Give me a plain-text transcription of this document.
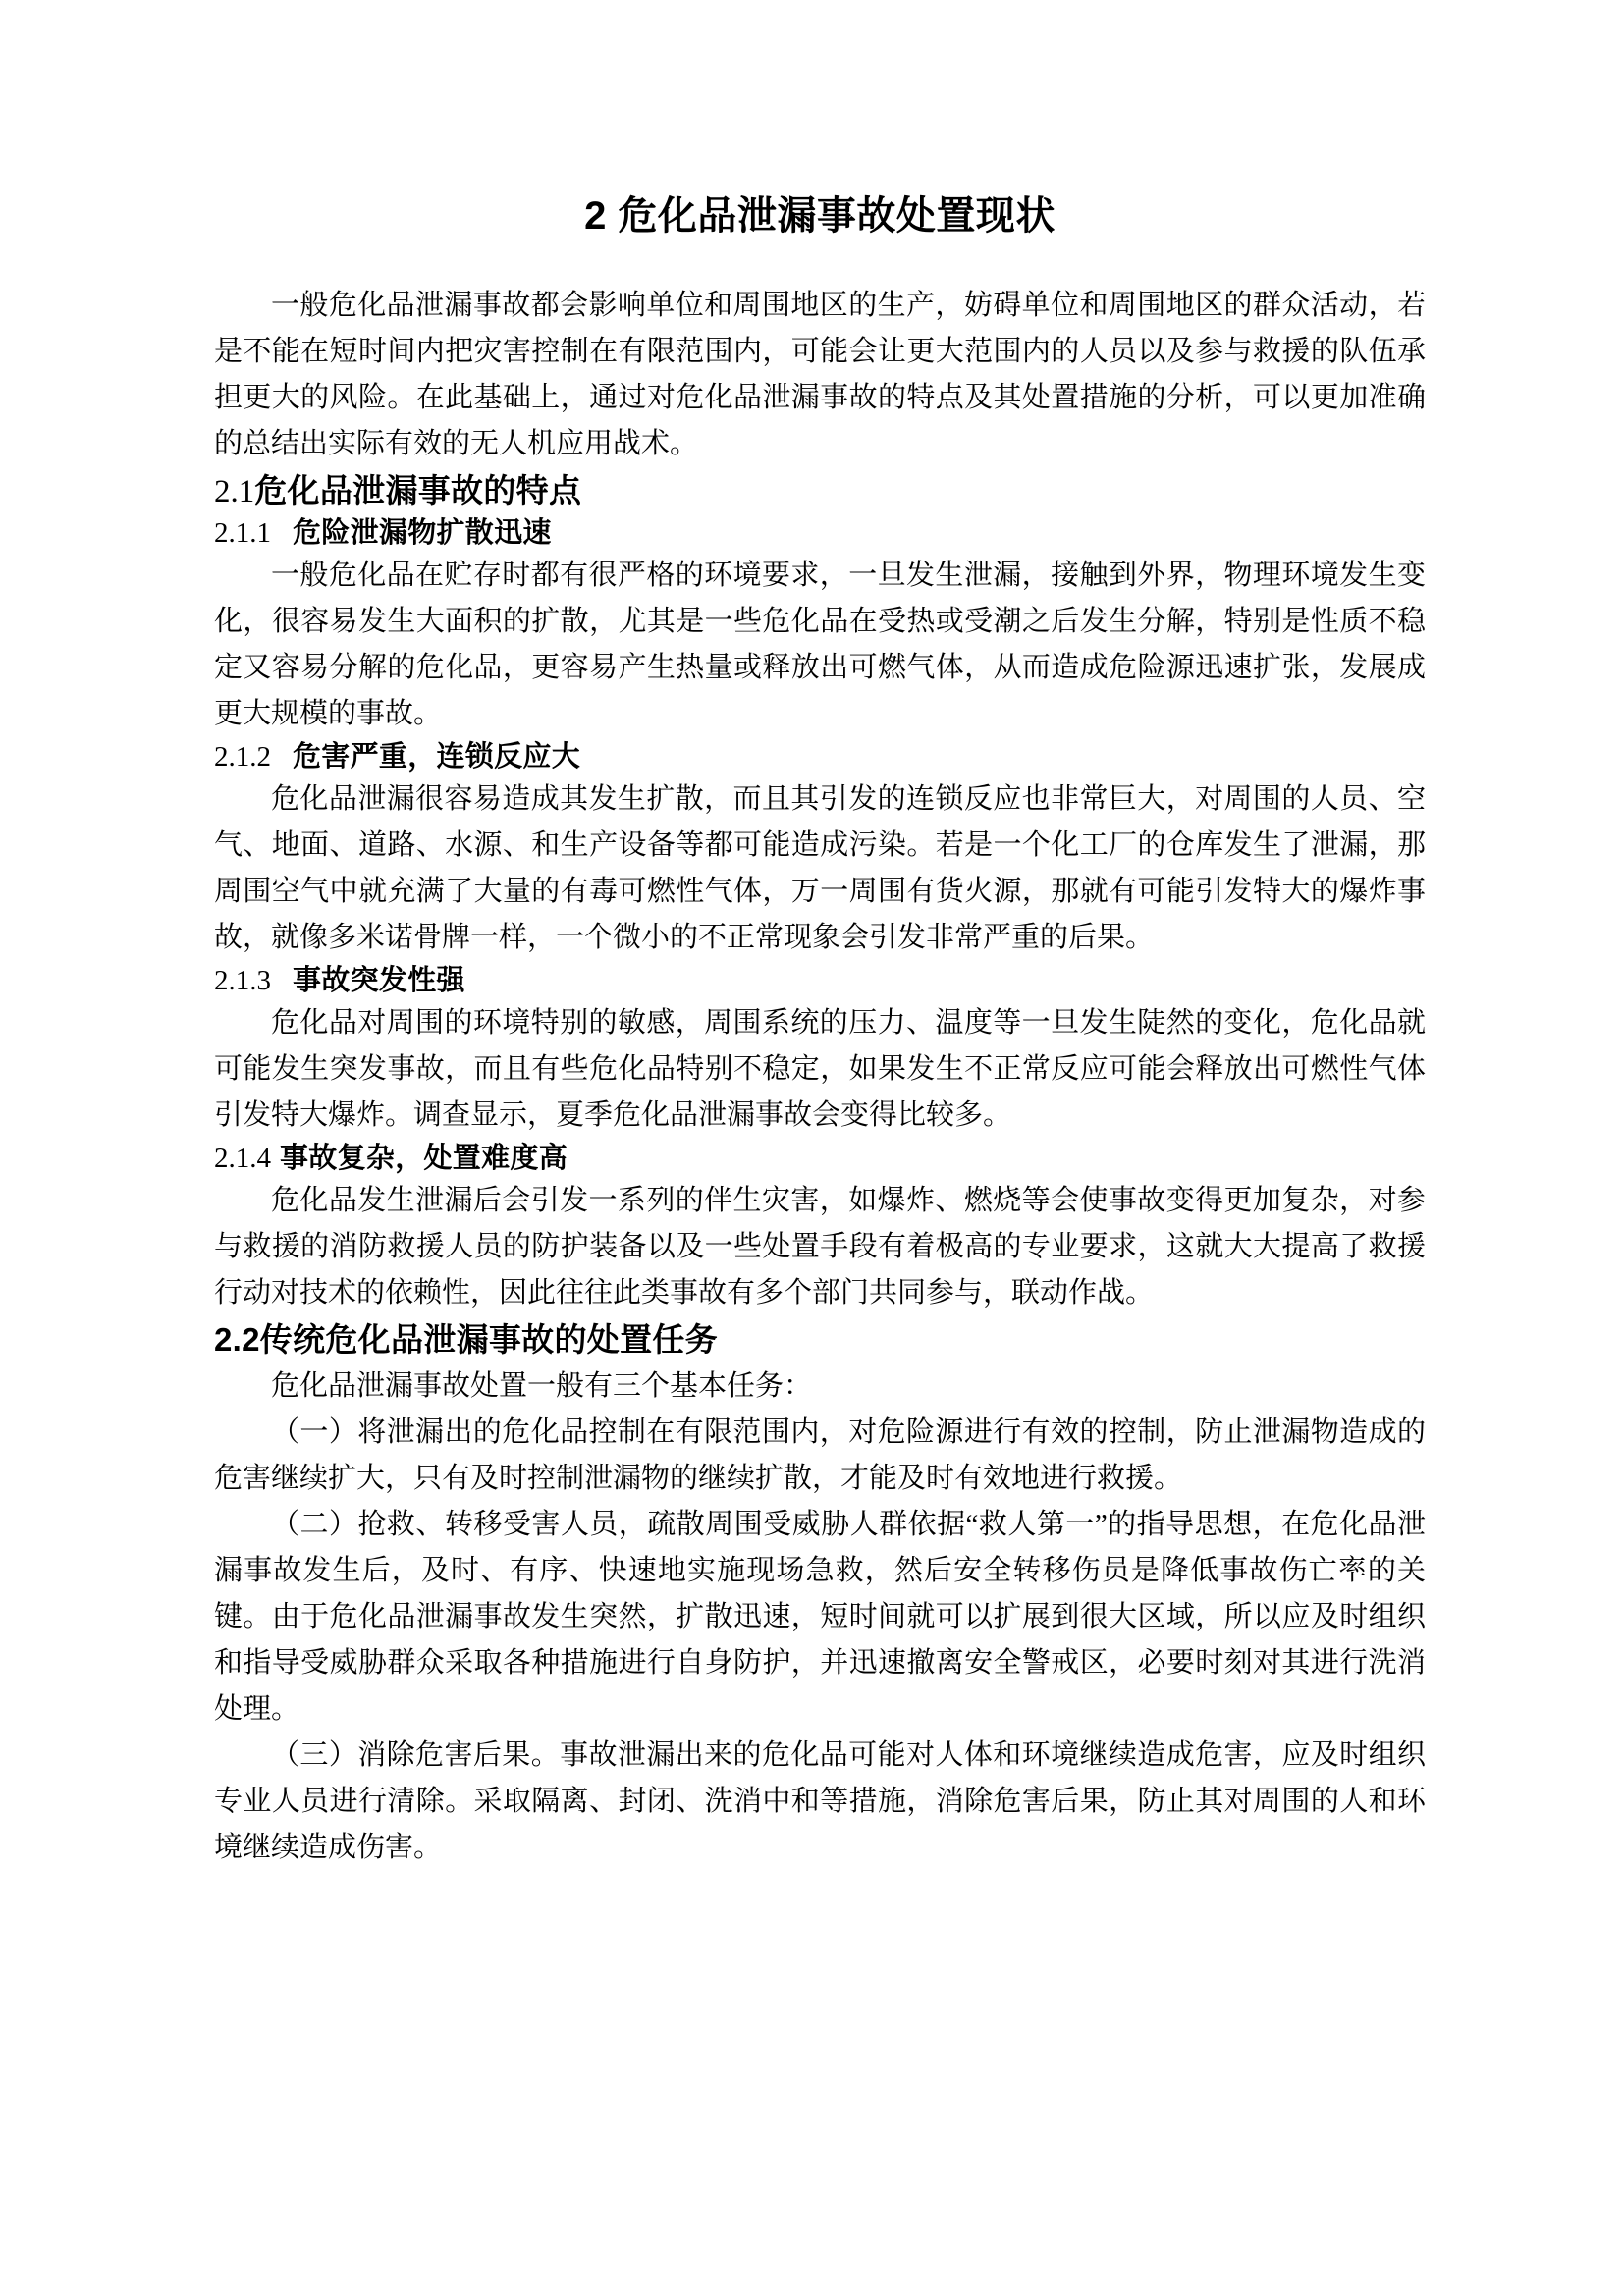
2 危化品泄漏事故处置现状

一般危化品泄漏事故都会影响单位和周围地区的生产，妨碍单位和周围地区的群众活动，若是不能在短时间内把灾害控制在有限范围内，可能会让更大范围内的人员以及参与救援的队伍承担更大的风险。在此基础上，通过对危化品泄漏事故的特点及其处置措施的分析，可以更加准确的总结出实际有效的无人机应用战术。

2.1危化品泄漏事故的特点
2.1.1 危险泄漏物扩散迅速

一般危化品在贮存时都有很严格的环境要求，一旦发生泄漏，接触到外界，物理环境发生变化，很容易发生大面积的扩散，尤其是一些危化品在受热或受潮之后发生分解，特别是性质不稳定又容易分解的危化品，更容易产生热量或释放出可燃气体，从而造成危险源迅速扩张，发展成更大规模的事故。

2.1.2 危害严重，连锁反应大

危化品泄漏很容易造成其发生扩散，而且其引发的连锁反应也非常巨大，对周围的人员、空气、地面、道路、水源、和生产设备等都可能造成污染。若是一个化工厂的仓库发生了泄漏，那周围空气中就充满了大量的有毒可燃性气体，万一周围有货火源，那就有可能引发特大的爆炸事故，就像多米诺骨牌一样，一个微小的不正常现象会引发非常严重的后果。

2.1.3 事故突发性强

危化品对周围的环境特别的敏感，周围系统的压力、温度等一旦发生陡然的变化，危化品就可能发生突发事故，而且有些危化品特别不稳定，如果发生不正常反应可能会释放出可燃性气体引发特大爆炸。调查显示，夏季危化品泄漏事故会变得比较多。

2.1.4 事故复杂，处置难度高

危化品发生泄漏后会引发一系列的伴生灾害，如爆炸、燃烧等会使事故变得更加复杂，对参与救援的消防救援人员的防护装备以及一些处置手段有着极高的专业要求，这就大大提高了救援行动对技术的依赖性，因此往往此类事故有多个部门共同参与，联动作战。

2.2传统危化品泄漏事故的处置任务

危化品泄漏事故处置一般有三个基本任务：

（一）将泄漏出的危化品控制在有限范围内，对危险源进行有效的控制，防止泄漏物造成的危害继续扩大，只有及时控制泄漏物的继续扩散，才能及时有效地进行救援。

（二）抢救、转移受害人员，疏散周围受威胁人群依据“救人第一”的指导思想，在危化品泄漏事故发生后，及时、有序、快速地实施现场急救，然后安全转移伤员是降低事故伤亡率的关键。由于危化品泄漏事故发生突然，扩散迅速，短时间就可以扩展到很大区域，所以应及时组织和指导受威胁群众采取各种措施进行自身防护，并迅速撤离安全警戒区，必要时刻对其进行洗消处理。

（三）消除危害后果。事故泄漏出来的危化品可能对人体和环境继续造成危害，应及时组织专业人员进行清除。采取隔离、封闭、洗消中和等措施，消除危害后果，防止其对周围的人和环境继续造成伤害。
